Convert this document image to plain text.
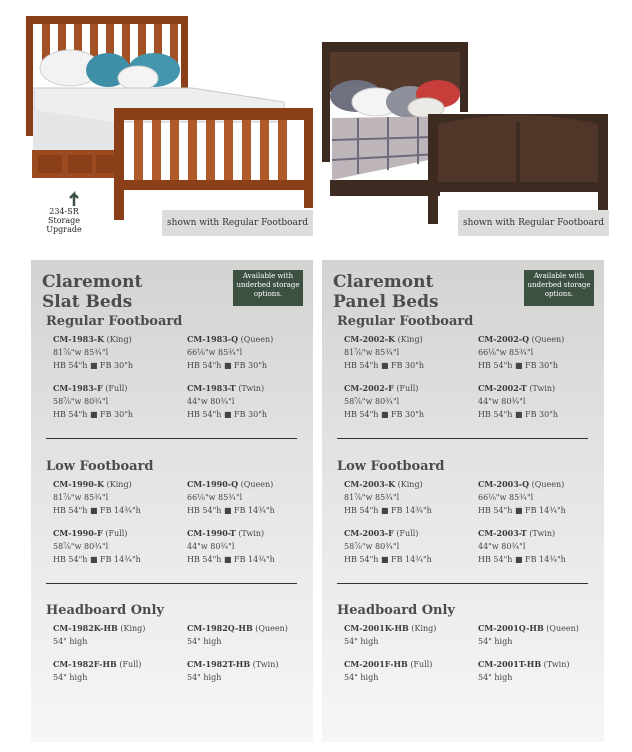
234-SR Storage Upgrade
shown with Regular Footboard	shown with Regular Footboard
Claremont
Slat Beds
Available with underbed storage options.
Regular Footboard
CM-1983-K (King)
81⅞"w 85¾"l
HB 54"h ■ FB 30"h
CM-1983-Q (Queen)
66⅛"w 85¾"l
HB 54"h ■ FB 30"h
CM-1983-F (Full)
58⅞"w 80¾"l
HB 54"h ■ FB 30"h
CM-1983-T (Twin)
44"w 80¾"l
HB 54"h ■ FB 30"h
Low Footboard
CM-1990-K (King)
81⅞"w 85¾"l
HB 54"h ■ FB 14¾"h
CM-1990-Q (Queen)
66⅛"w 85¾"l
HB 54"h ■ FB 14¾"h
CM-1990-F (Full)
58⅞"w 80¾"l
HB 54"h ■ FB 14¾"h
CM-1990-T (Twin)
44"w 80¾"l
HB 54"h ■ FB 14¾"h
Headboard Only
CM-1982K-HB (King)
54" high
CM-1982Q-HB (Queen)
54" high
CM-1982F-HB (Full)
54" high
CM-1982T-HB (Twin)
54" high
Claremont
Panel Beds
Available with underbed storage options.
Regular Footboard
CM-2002-K (King)
81⅞"w 85¾"l
HB 54"h ■ FB 30"h
CM-2002-Q (Queen)
66⅛"w 85¾"l
HB 54"h ■ FB 30"h
CM-2002-F (Full)
58⅞"w 80¾"l
HB 54"h ■ FB 30"h
CM-2002-T (Twin)
44"w 80¾"l
HB 54"h ■ FB 30"h
Low Footboard
CM-2003-K (King)
81⅞"w 85¾"l
HB 54"h ■ FB 14¾"h
CM-2003-Q (Queen)
66⅛"w 85¾"l
HB 54"h ■ FB 14¾"h
CM-2003-F (Full)
58⅞"w 80¾"l
HB 54"h ■ FB 14¾"h
CM-2003-T (Twin)
44"w 80¾"l
HB 54"h ■ FB 14¾"h
Headboard Only
CM-2001K-HB (King)
54" high
CM-2001Q-HB (Queen)
54" high
CM-2001F-HB (Full)
54" high
CM-2001T-HB (Twin)
54" high
